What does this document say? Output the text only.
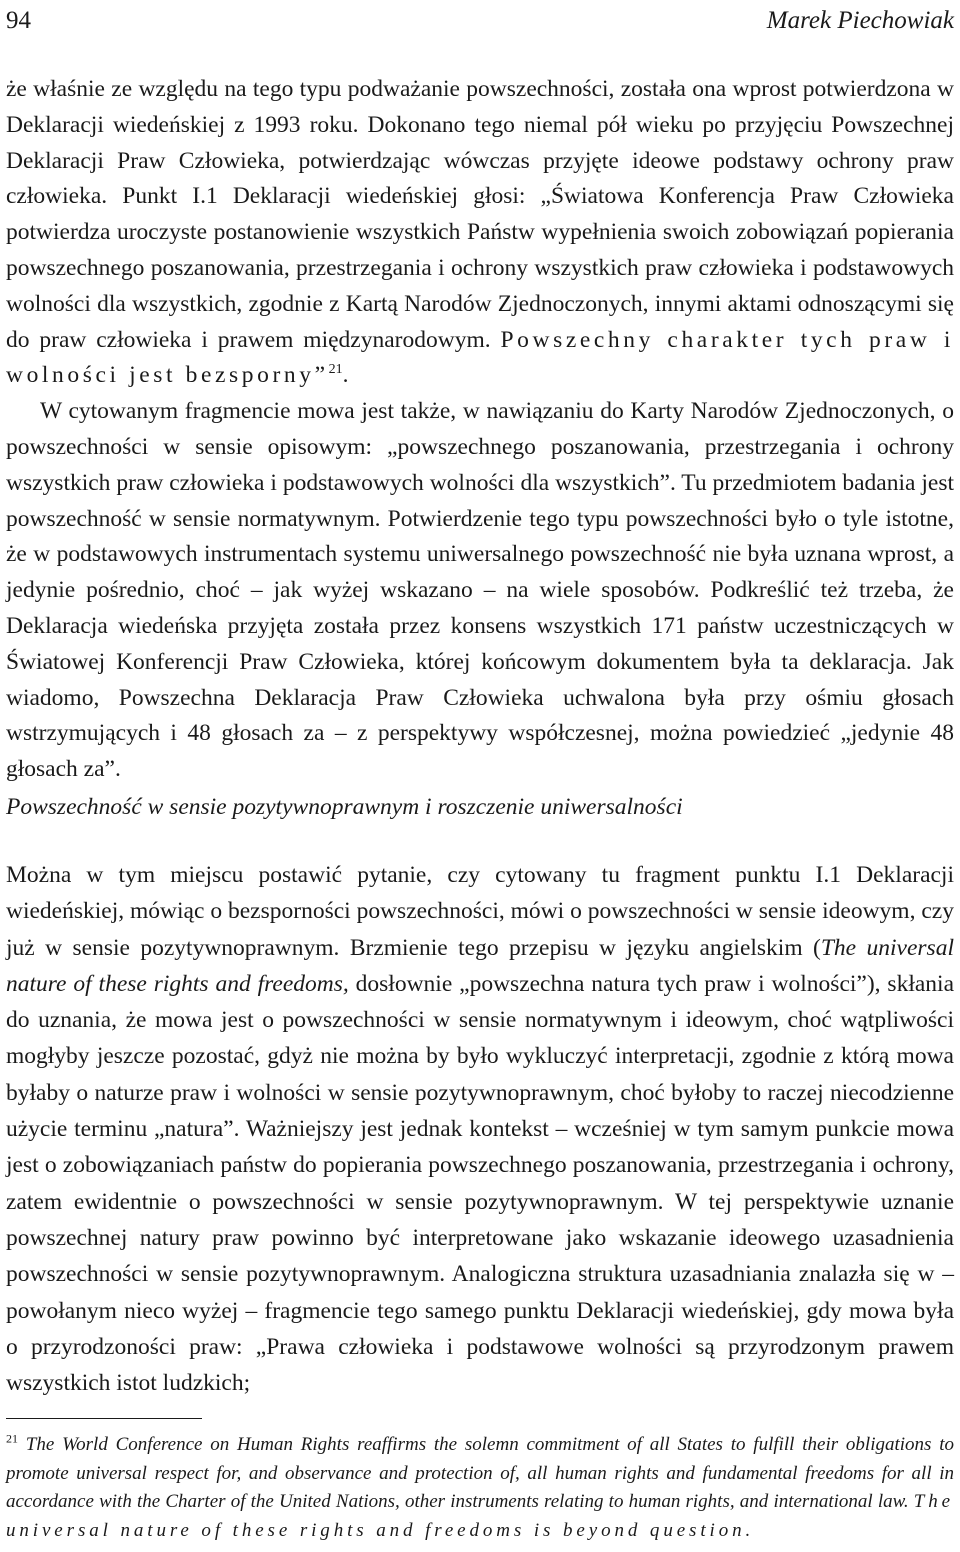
94	Marek Piechowiak

że właśnie ze względu na tego typu podważanie powszechności, została ona wprost potwierdzona w Deklaracji wiedeńskiej z 1993 roku. Dokonano tego niemal pół wieku po przyjęciu Powszechnej Deklaracji Praw Człowieka, potwierdzając wówczas przyjęte ideowe podstawy ochrony praw człowieka. Punkt I.1 Deklaracji wiedeńskiej głosi: „Światowa Konferencja Praw Człowieka potwierdza uroczyste postanowienie wszystkich Państw wypełnienia swoich zobowiązań popierania powszechnego poszanowania, przestrzegania i ochrony wszystkich praw człowieka i podstawowych wolności dla wszystkich, zgodnie z Kartą Narodów Zjednoczonych, innymi aktami odnoszącymi się do praw człowieka i prawem międzynarodowym. Powszechny charakter tych praw i wolności jest bezsporny”$^{21}$.

W cytowanym fragmencie mowa jest także, w nawiązaniu do Karty Narodów Zjednoczonych, o powszechności w sensie opisowym: „powszechnego poszanowania, przestrzegania i ochrony wszystkich praw człowieka i podstawowych wolności dla wszystkich”. Tu przedmiotem badania jest powszechność w sensie normatywnym. Potwierdzenie tego typu powszechności było o tyle istotne, że w podstawowych instrumentach systemu uniwersalnego powszechność nie była uznana wprost, a jedynie pośrednio, choć – jak wyżej wskazano – na wiele sposobów. Podkreślić też trzeba, że Deklaracja wiedeńska przyjęta została przez konsens wszystkich 171 państw uczestniczących w Światowej Konferencji Praw Człowieka, której końcowym dokumentem była ta deklaracja. Jak wiadomo, Powszechna Deklaracja Praw Człowieka uchwalona była przy ośmiu głosach wstrzymujących i 48 głosach za – z perspektywy współczesnej, można powiedzieć „jedynie 48 głosach za”.

Powszechność w sensie pozytywnoprawnym i roszczenie uniwersalności

Można w tym miejscu postawić pytanie, czy cytowany tu fragment punktu I.1 Deklaracji wiedeńskiej, mówiąc o bezsporności powszechności, mówi o powszechności w sensie ideowym, czy już w sensie pozytywnoprawnym. Brzmienie tego przepisu w języku angielskim (The universal nature of these rights and freedoms, dosłownie „powszechna natura tych praw i wolności”), skłania do uznania, że mowa jest o powszechności w sensie normatywnym i ideowym, choć wątpliwości mogłyby jeszcze pozostać, gdyż nie można by było wykluczyć interpretacji, zgodnie z którą mowa byłaby o naturze praw i wolności w sensie pozytywnoprawnym, choć byłoby to raczej niecodzienne użycie terminu „natura”. Ważniejszy jest jednak kontekst – wcześniej w tym samym punkcie mowa jest o zobowiązaniach państw do popierania powszechnego poszanowania, przestrzegania i ochrony, zatem ewidentnie o powszechności w sensie pozytywnoprawnym. W tej perspektywie uznanie powszechnej natury praw powinno być interpretowane jako wskazanie ideowego uzasadnienia powszechności w sensie pozytywnoprawnym. Analogiczna struktura uzasadniania znalazła się w – powołanym nieco wyżej – fragmencie tego samego punktu Deklaracji wiedeńskiej, gdy mowa była o przyrodzoności praw: „Prawa człowieka i podstawowe wolności są przyrodzonym prawem wszystkich istot ludzkich;

$^{21}$ The World Conference on Human Rights reaffirms the solemn commitment of all States to fulfill their obligations to promote universal respect for, and observance and protection of, all human rights and fundamental freedoms for all in accordance with the Charter of the United Nations, other instruments relating to human rights, and international law. The universal nature of these rights and freedoms is beyond question.
